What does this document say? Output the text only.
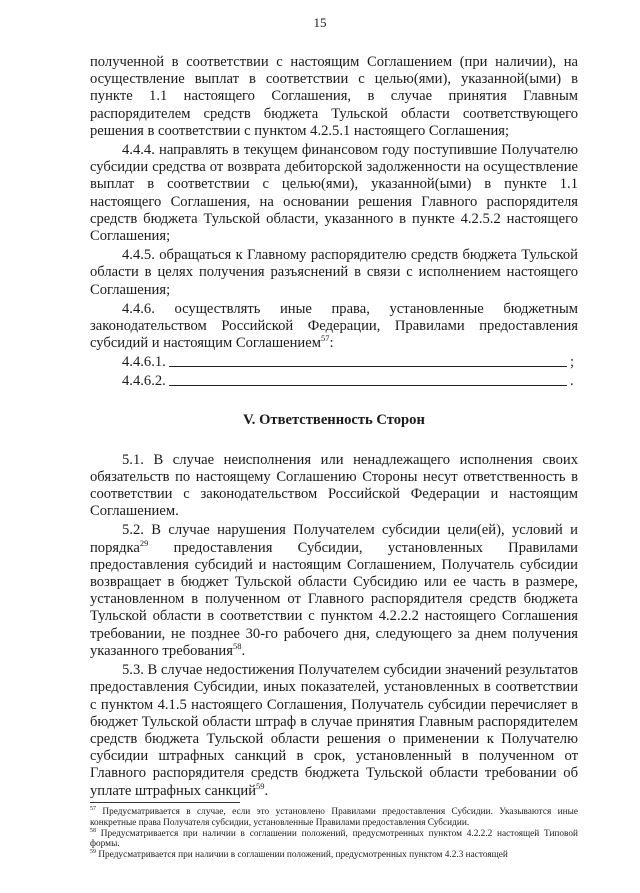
15

полученной в соответствии с настоящим Соглашением (при наличии), на осуществление выплат в соответствии с целью(ями), указанной(ыми) в пункте 1.1 настоящего Соглашения, в случае принятия Главным распорядителем средств бюджета Тульской области соответствующего решения в соответствии с пунктом 4.2.5.1 настоящего Соглашения;

4.4.4. направлять в текущем финансовом году поступившие Получателю субсидии средства от возврата дебиторской задолженности на осуществление выплат в соответствии с целью(ями), указанной(ыми) в пункте 1.1 настоящего Соглашения, на основании решения Главного распорядителя средств бюджета Тульской области, указанного в пункте 4.2.5.2 настоящего Соглашения;

4.4.5. обращаться к Главному распорядителю средств бюджета Тульской области в целях получения разъяснений в связи с исполнением настоящего Соглашения;

4.4.6. осуществлять иные права, установленные бюджетным законодательством Российской Федерации, Правилами предоставления субсидий и настоящим Соглашением$^{57}$:

4.4.6.1.	;
4.4.6.2.	.
V. Ответственность Сторон

5.1. В случае неисполнения или ненадлежащего исполнения своих обязательств по настоящему Соглашению Стороны несут ответственность в соответствии с законодательством Российской Федерации и настоящим Соглашением.

5.2. В случае нарушения Получателем субсидии цели(ей), условий и порядка$^{29}$ предоставления Субсидии, установленных Правилами предоставления субсидий и настоящим Соглашением, Получатель субсидии возвращает в бюджет Тульской области Субсидию или ее часть в размере, установленном в полученном от Главного распорядителя средств бюджета Тульской области в соответствии с пунктом 4.2.2.2 настоящего Соглашения требовании, не позднее 30-го рабочего дня, следующего за днем получения указанного требования$^{58}$.

5.3. В случае недостижения Получателем субсидии значений результатов предоставления Субсидии, иных показателей, установленных в соответствии с пунктом 4.1.5 настоящего Соглашения, Получатель субсидии перечисляет в бюджет Тульской области штраф в случае принятия Главным распорядителем средств бюджета Тульской области решения о применении к Получателю субсидии штрафных санкций в срок, установленный в полученном от Главного распорядителя средств бюджета Тульской области требовании об уплате штрафных санкций$^{59}$.

$^{57}$ Предусматривается в случае, если это установлено Правилами предоставления Субсидии. Указываются иные конкретные права Получателя субсидии, установленные Правилами предоставления Субсидии.

$^{58}$ Предусматривается при наличии в соглашении положений, предусмотренных пунктом 4.2.2.2 настоящей Типовой формы.

$^{59}$ Предусматривается при наличии в соглашении положений, предусмотренных пунктом 4.2.3 настоящей
